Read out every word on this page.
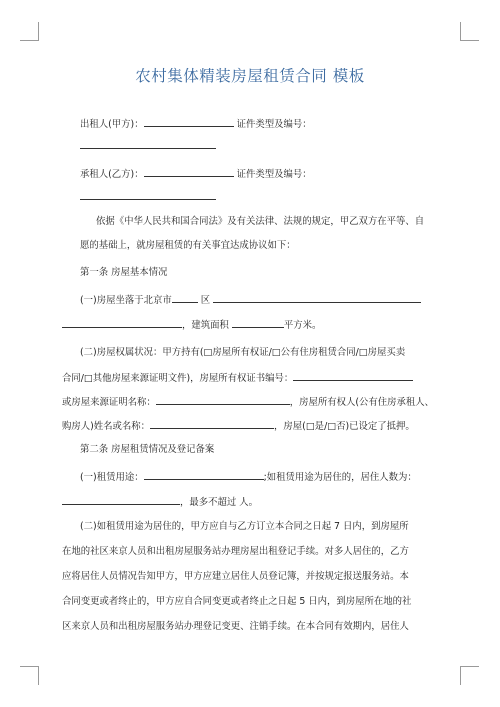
农村集体精装房屋租赁合同 模板
出租人(甲方)：	证件类型及编号：
承租人(乙方)：	证件类型及编号：
依据《中华人民共和国合同法》及有关法律、法规的规定，甲乙双方在平等、自
愿的基础上，就房屋租赁的有关事宜达成协议如下：
第一条 房屋基本情况
(一)房屋坐落于北京市	区
，建筑面积	平方米。
(二)房屋权属状况：甲方持有(□房屋所有权证/□公有住房租赁合同/□房屋买卖
合同/□其他房屋来源证明文件)，房屋所有权证书编号：
或房屋来源证明名称：	，房屋所有权人(公有住房承租人、
购房人)姓名或名称：	，房屋(□是/□否)已设定了抵押。
第二条 房屋租赁情况及登记备案
(一)租赁用途：	;如租赁用途为居住的，居住人数为：
，最多不超过 人。
(二)如租赁用途为居住的，甲方应自与乙方订立本合同之日起 7 日内，到房屋所
在地的社区来京人员和出租房屋服务站办理房屋出租登记手续。对多人居住的，乙方
应将居住人员情况告知甲方，甲方应建立居住人员登记簿，并按规定报送服务站。本
合同变更或者终止的，甲方应自合同变更或者终止之日起 5 日内，到房屋所在地的社
区来京人员和出租房屋服务站办理登记变更、注销手续。在本合同有效期内，居住人
